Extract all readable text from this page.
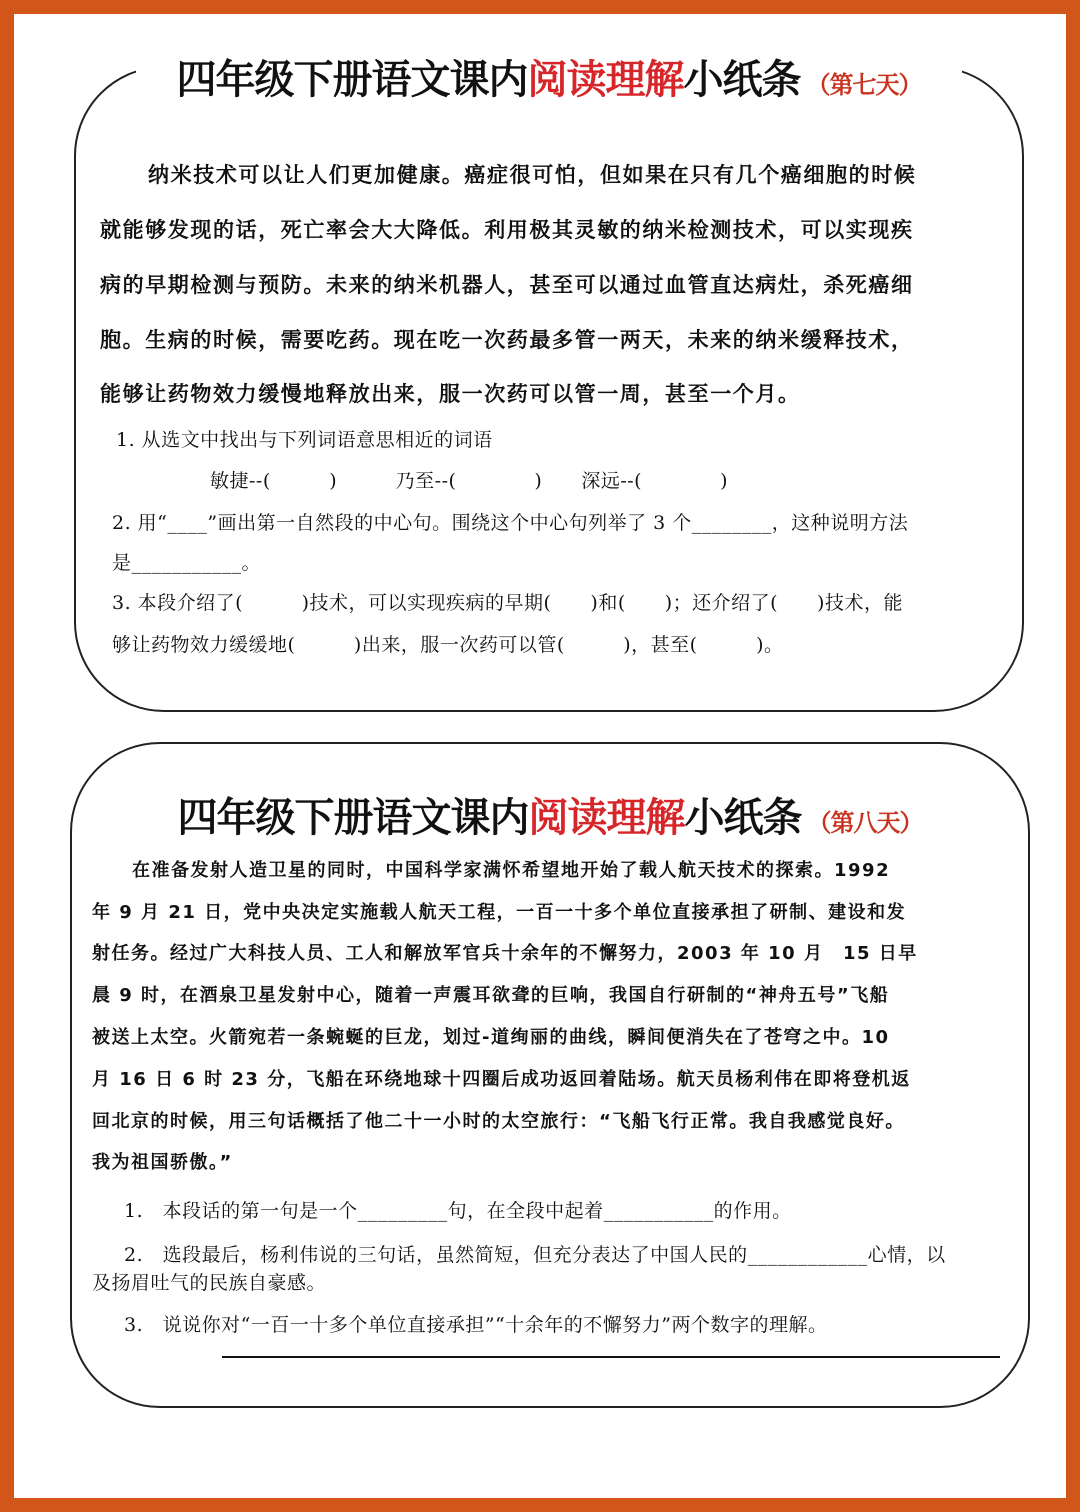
四年级下册语文课内阅读理解小纸条 （第七天）
纳米技术可以让人们更加健康。癌症很可怕，但如果在只有几个癌细胞的时候
就能够发现的话，死亡率会大大降低。利用极其灵敏的纳米检测技术，可以实现疾
病的早期检测与预防。未来的纳米机器人，甚至可以通过血管直达病灶，杀死癌细
胞。生病的时候，需要吃药。现在吃一次药最多管一两天，未来的纳米缓释技术，
能够让药物效力缓慢地释放出来，服一次药可以管一周，甚至一个月。
1. 从选文中找出与下列词语意思相近的词语
敏捷--(　　　)　　　乃至--(　　　　)　　深远--(　　　　)
2. 用“____”画出第一自然段的中心句。围绕这个中心句列举了 3 个________，这种说明方法
是___________。
3. 本段介绍了(　　　)技术，可以实现疾病的早期(　　)和(　　)；还介绍了(　　)技术，能
够让药物效力缓缓地(　　　)出来，服一次药可以管(　　　)，甚至(　　　)。
四年级下册语文课内阅读理解小纸条 （第八天）
在准备发射人造卫星的同时，中国科学家满怀希望地开始了载人航天技术的探索。1992
年 9 月 21 日，党中央决定实施载人航天工程，一百一十多个单位直接承担了研制、建设和发
射任务。经过广大科技人员、工人和解放军官兵十余年的不懈努力，2003 年 10 月　15 日早
晨 9 时，在酒泉卫星发射中心，随着一声震耳欲聋的巨响，我国自行研制的“神舟五号”飞船
被送上太空。火箭宛若一条蜿蜒的巨龙，划过-道绚丽的曲线，瞬间便消失在了苍穹之中。10
月 16 日 6 时 23 分，飞船在环绕地球十四圈后成功返回着陆场。航天员杨利伟在即将登机返
回北京的时候，用三句话概括了他二十一小时的太空旅行：“飞船飞行正常。我自我感觉良好。
我为祖国骄傲。”
1.　本段话的第一句是一个_________句，在全段中起着___________的作用。
2.　选段最后，杨利伟说的三句话，虽然简短，但充分表达了中国人民的____________心情，以
及扬眉吐气的民族自豪感。
3.　说说你对“一百一十多个单位直接承担”“十余年的不懈努力”两个数字的理解。
